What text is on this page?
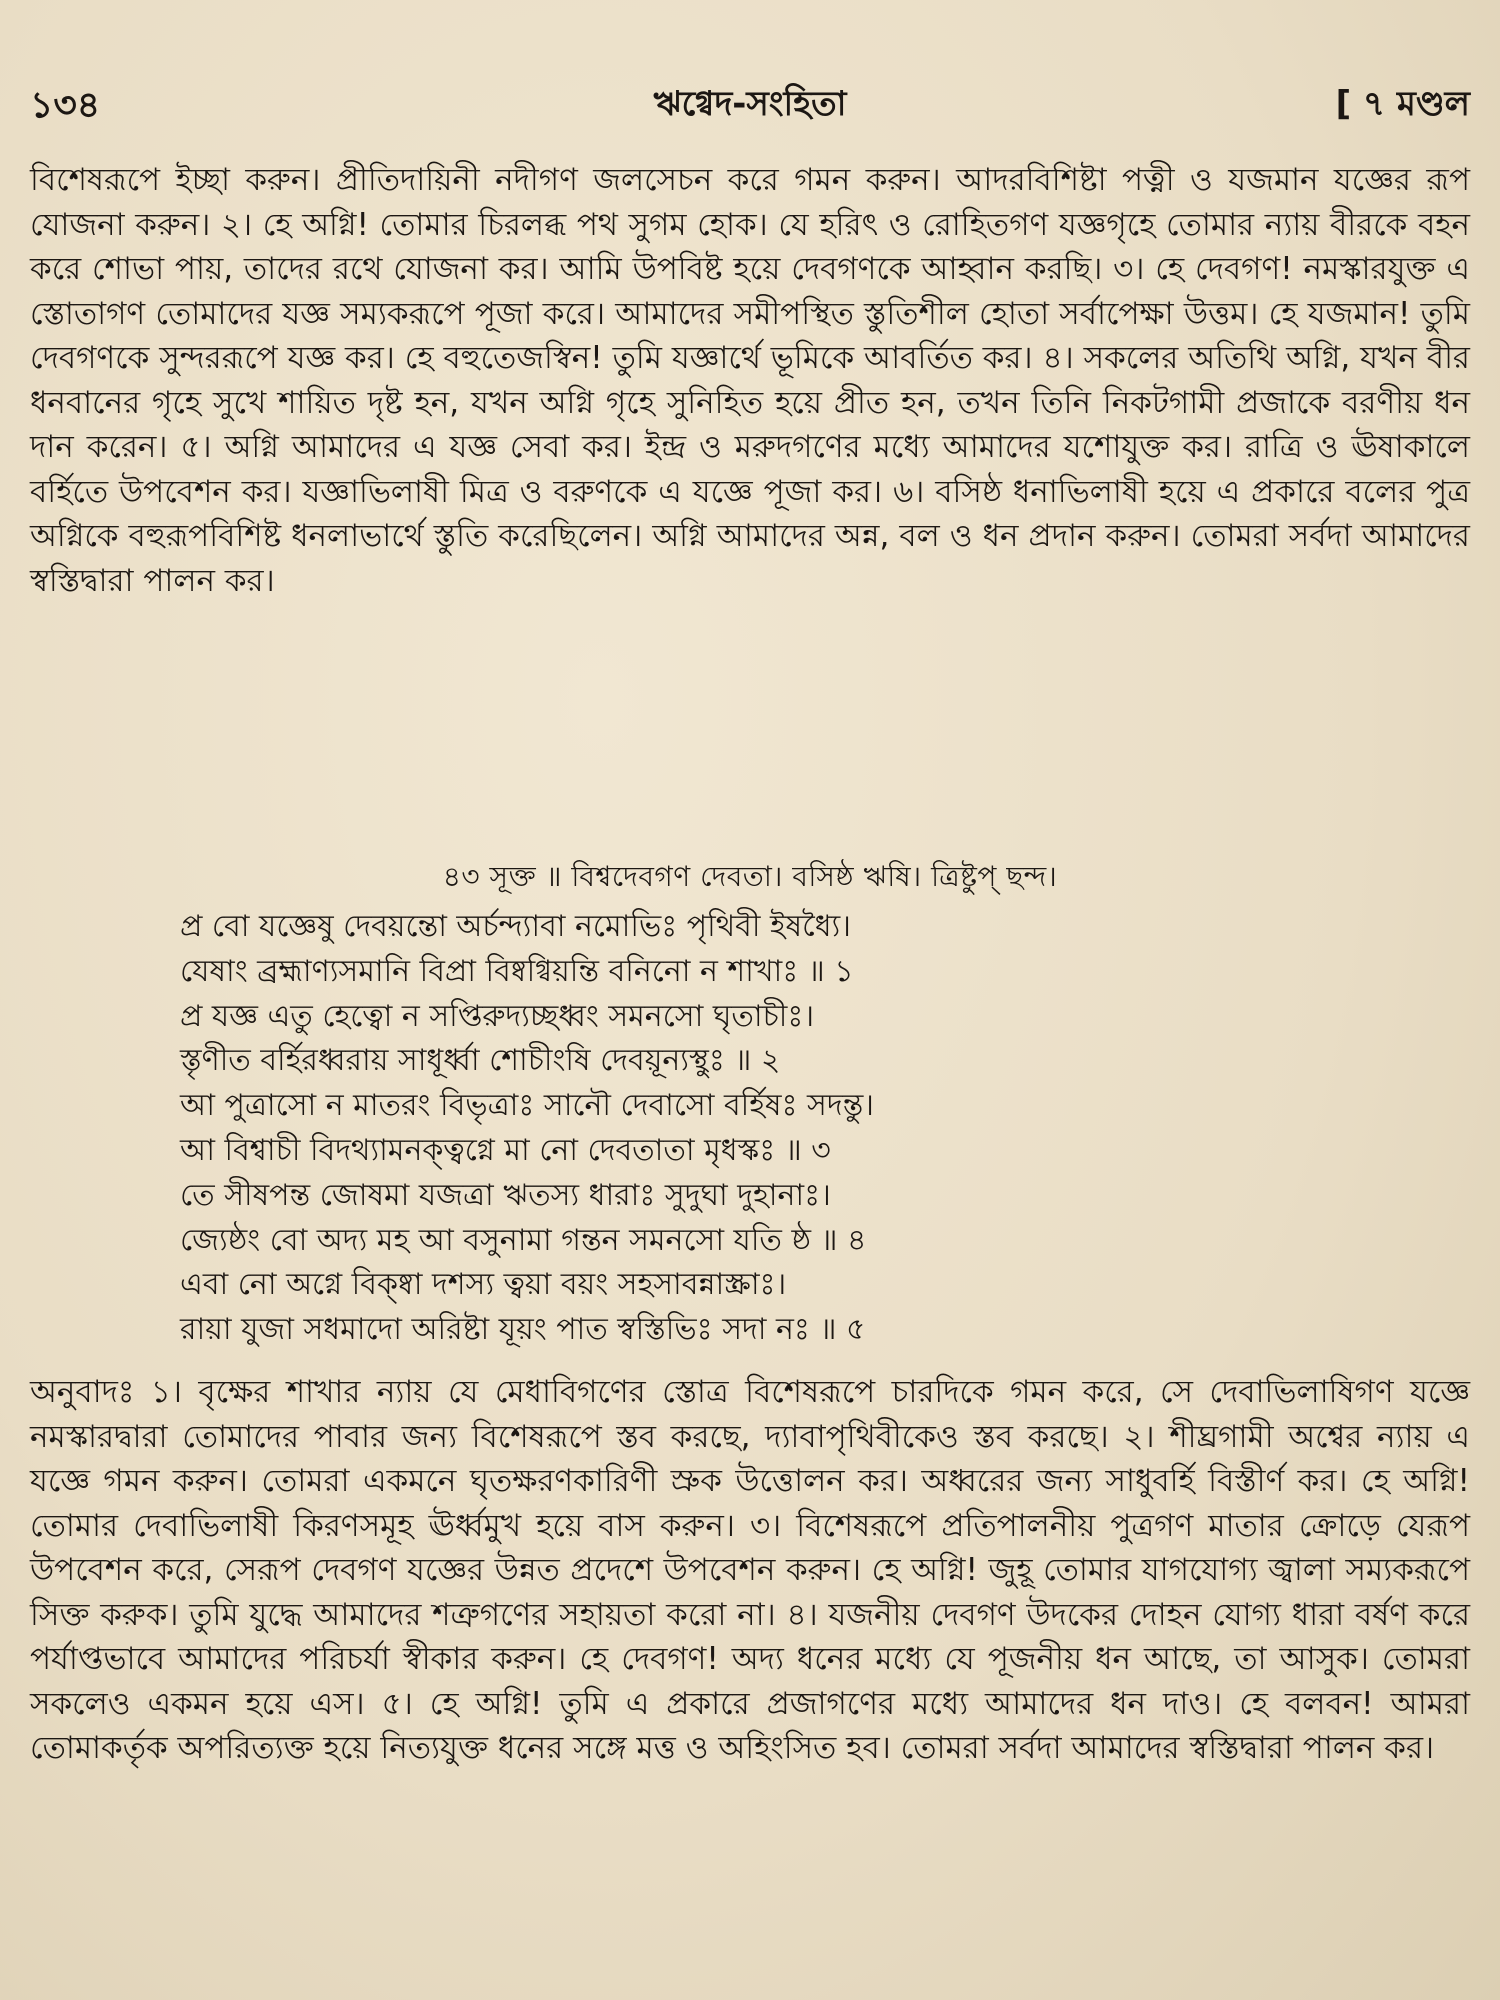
১৩৪	ঋগ্বেদ-সংহিতা	[ ৭ মণ্ডল

বিশেষরূপে ইচ্ছা করুন। প্রীতিদায়িনী নদীগণ জলসেচন করে গমন করুন। আদরবিশিষ্টা পত্নী ও যজমান যজ্ঞের রূপ যোজনা করুন। ২। হে অগ্নি! তোমার চিরলব্ধ পথ সুগম হোক। যে হরিৎ ও রোহিতগণ যজ্ঞগৃহে তোমার ন্যায় বীরকে বহন করে শোভা পায়, তাদের রথে যোজনা কর। আমি উপবিষ্ট হয়ে দেবগণকে আহ্বান করছি। ৩। হে দেবগণ! নমস্কারযুক্ত এ স্তোতাগণ তোমাদের যজ্ঞ সম্যকরূপে পূজা করে। আমাদের সমীপস্থিত স্তুতিশীল হোতা সর্বাপেক্ষা উত্তম। হে যজমান! তুমি দেবগণকে সুন্দররূপে যজ্ঞ কর। হে বহুতেজস্বিন! তুমি যজ্ঞার্থে ভূমিকে আবর্তিত কর। ৪। সকলের অতিথি অগ্নি, যখন বীর ধনবানের গৃহে সুখে শায়িত দৃষ্ট হন, যখন অগ্নি গৃহে সুনিহিত হয়ে প্রীত হন, তখন তিনি নিকটগামী প্রজাকে বরণীয় ধন দান করেন। ৫। অগ্নি আমাদের এ যজ্ঞ সেবা কর। ইন্দ্র ও মরুদগণের মধ্যে আমাদের যশোযুক্ত কর। রাত্রি ও ঊষাকালে বর্হিতে উপবেশন কর। যজ্ঞাভিলাষী মিত্র ও বরুণকে এ যজ্ঞে পূজা কর। ৬। বসিষ্ঠ ধনাভিলাষী হয়ে এ প্রকারে বলের পুত্র অগ্নিকে বহুরূপবিশিষ্ট ধনলাভার্থে স্তুতি করেছিলেন। অগ্নি আমাদের অন্ন, বল ও ধন প্রদান করুন। তোমরা সর্বদা আমাদের স্বস্তিদ্বারা পালন কর।

৪৩ সূক্ত ॥ বিশ্বদেবগণ দেবতা। বসিষ্ঠ ঋষি। ত্রিষ্টুপ্ ছন্দ।
প্র বো যজ্ঞেষু দেবয়ন্তো অর্চন্দ্যাবা নমোভিঃ পৃথিবী ইষধ্যৈ।
যেষাং ব্রহ্মাণ্যসমানি বিপ্রা বিষ্বগ্বিয়ন্তি বনিনো ন শাখাঃ ॥ ১
প্র যজ্ঞ এতু হেত্বো ন সপ্তিরুদ্যচ্ছধ্বং সমনসো ঘৃতাচীঃ।
স্তৃণীত বর্হিরধ্বরায় সাধূর্ধ্বা শোচীংষি দেবয়ূন্যস্থুঃ ॥ ২
আ পুত্রাসো ন মাতরং বিভৃত্রাঃ সানৌ দেবাসো বর্হিষঃ সদন্তু।
আ বিশ্বাচী বিদথ্যামনক্ত্বগ্নে মা নো দেবতাতা মৃধস্কঃ ॥ ৩
তে সীষপন্ত জোষমা যজত্রা ঋতস্য ধারাঃ সুদুঘা দুহানাঃ।
জ্যেষ্ঠং বো অদ্য মহ আ বসুনামা গন্তন সমনসো যতি ষ্ঠ ॥ ৪
এবা নো অগ্নে বিক্ষ্বা দশস্য ত্বয়া বয়ং সহসাবন্নাস্ক্রাঃ।
রায়া যুজা সধমাদো অরিষ্টা যূয়ং পাত স্বস্তিভিঃ সদা নঃ ॥ ৫

অনুবাদঃ ১। বৃক্ষের শাখার ন্যায় যে মেধাবিগণের স্তোত্র বিশেষরূপে চারদিকে গমন করে, সে দেবাভিলাষিগণ যজ্ঞে নমস্কারদ্বারা তোমাদের পাবার জন্য বিশেষরূপে স্তব করছে, দ্যাবাপৃথিবীকেও স্তব করছে। ২। শীঘ্রগামী অশ্বের ন্যায় এ যজ্ঞে গমন করুন। তোমরা একমনে ঘৃতক্ষরণকারিণী স্রুক উত্তোলন কর। অধ্বরের জন্য সাধুবর্হি বিস্তীর্ণ কর। হে অগ্নি! তোমার দেবাভিলাষী কিরণসমূহ ঊর্ধ্বমুখ হয়ে বাস করুন। ৩। বিশেষরূপে প্রতিপালনীয় পুত্রগণ মাতার ক্রোড়ে যেরূপ উপবেশন করে, সেরূপ দেবগণ যজ্ঞের উন্নত প্রদেশে উপবেশন করুন। হে অগ্নি! জুহূ তোমার যাগযোগ্য জ্বালা সম্যকরূপে সিক্ত করুক। তুমি যুদ্ধে আমাদের শত্রুগণের সহায়তা করো না। ৪। যজনীয় দেবগণ উদকের দোহন যোগ্য ধারা বর্ষণ করে পর্যাপ্তভাবে আমাদের পরিচর্যা স্বীকার করুন। হে দেবগণ! অদ্য ধনের মধ্যে যে পূজনীয় ধন আছে, তা আসুক। তোমরা সকলেও একমন হয়ে এস। ৫। হে অগ্নি! তুমি এ প্রকারে প্রজাগণের মধ্যে আমাদের ধন দাও। হে বলবন! আমরা তোমাকর্তৃক অপরিত্যক্ত হয়ে নিত্যযুক্ত ধনের সঙ্গে মত্ত ও অহিংসিত হব। তোমরা সর্বদা আমাদের স্বস্তিদ্বারা পালন কর।
